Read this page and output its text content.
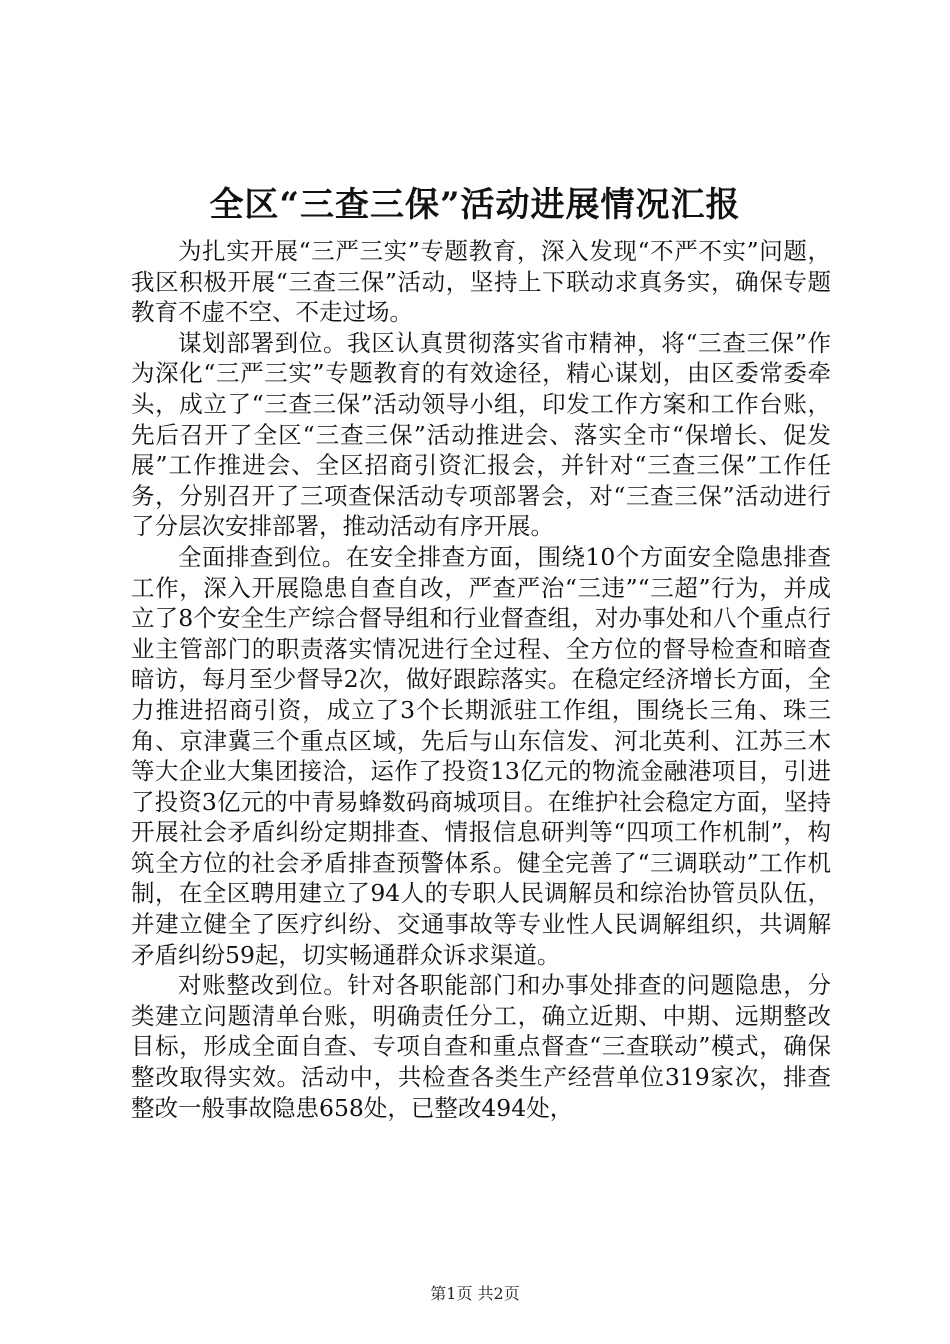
全区“三查三保”活动进展情况汇报

为扎实开展“三严三实”专题教育，深入发现“不严不实”问题，我区积极开展“三查三保”活动，坚持上下联动求真务实，确保专题教育不虚不空、不走过场。

谋划部署到位。我区认真贯彻落实省市精神，将“三查三保”作为深化“三严三实”专题教育的有效途径，精心谋划，由区委常委牵头，成立了“三查三保”活动领导小组，印发工作方案和工作台账，先后召开了全区“三查三保”活动推进会、落实全市“保增长、促发展”工作推进会、全区招商引资汇报会，并针对“三查三保”工作任务，分别召开了三项查保活动专项部署会，对“三查三保”活动进行了分层次安排部署，推动活动有序开展。

全面排查到位。在安全排查方面，围绕10个方面安全隐患排查工作，深入开展隐患自查自改，严查严治“三违”“三超”行为，并成立了8个安全生产综合督导组和行业督查组，对办事处和八个重点行业主管部门的职责落实情况进行全过程、全方位的督导检查和暗查暗访，每月至少督导2次，做好跟踪落实。在稳定经济增长方面，全力推进招商引资，成立了3个长期派驻工作组，围绕长三角、珠三角、京津冀三个重点区域，先后与山东信发、河北英利、江苏三木等大企业大集团接洽，运作了投资13亿元的物流金融港项目，引进了投资3亿元的中青易蜂数码商城项目。在维护社会稳定方面，坚持开展社会矛盾纠纷定期排查、情报信息研判等“四项工作机制”，构筑全方位的社会矛盾排查预警体系。健全完善了“三调联动”工作机制，在全区聘用建立了94人的专职人民调解员和综治协管员队伍，并建立健全了医疗纠纷、交通事故等专业性人民调解组织，共调解矛盾纠纷59起，切实畅通群众诉求渠道。

对账整改到位。针对各职能部门和办事处排查的问题隐患，分类建立问题清单台账，明确责任分工，确立近期、中期、远期整改目标，形成全面自查、专项自查和重点督查“三查联动”模式，确保整改取得实效。活动中，共检查各类生产经营单位319家次，排查整改一般事故隐患658处，已整改494处，

第1页 共2页
